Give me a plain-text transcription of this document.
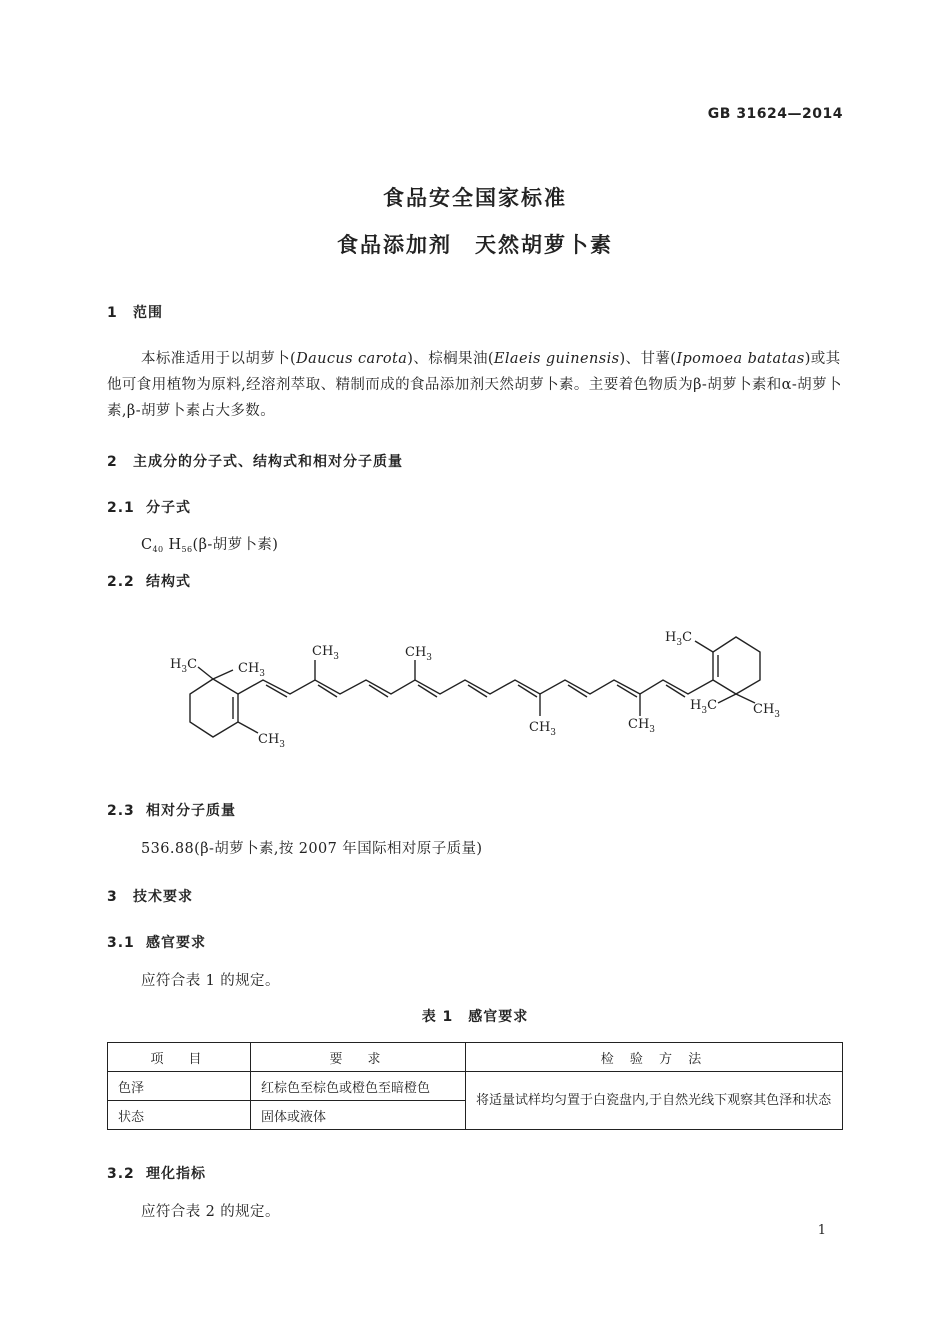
GB 31624—2014
食品安全国家标准
食品添加剂　天然胡萝卜素
1 范围
本标准适用于以胡萝卜(Daucus carota)、棕榈果油(Elaeis guinensis)、甘薯(Ipomoea batatas)或其他可食用植物为原料,经溶剂萃取、精制而成的食品添加剂天然胡萝卜素。主要着色物质为β-胡萝卜素和α-胡萝卜素,β-胡萝卜素占大多数。
2 主成分的分子式、结构式和相对分子质量
2.1 分子式
$C_{40}$ $H_{56}(\beta-$胡萝卜素)
2.2 结构式
$H_3C$	$CH_3$
$CH_3$
$CH_3$	$CH_3$
$CH_3$
$CH_3$
$H_3C$
$H_3C$	$CH_3$
2.3 相对分子质量
536.88(β-胡萝卜素,按 2007 年国际相对原子质量)
3 技术要求
3.1 感官要求
应符合表 1 的规定。
表 1　感官要求
项　目	要　求	检 验 方 法
色泽	红棕色至棕色或橙色至暗橙色	将适量试样均匀置于白瓷盘内,于自然光线下观察其色泽和状态
状态	固体或液体	
3.2 理化指标
应符合表 2 的规定。
1
